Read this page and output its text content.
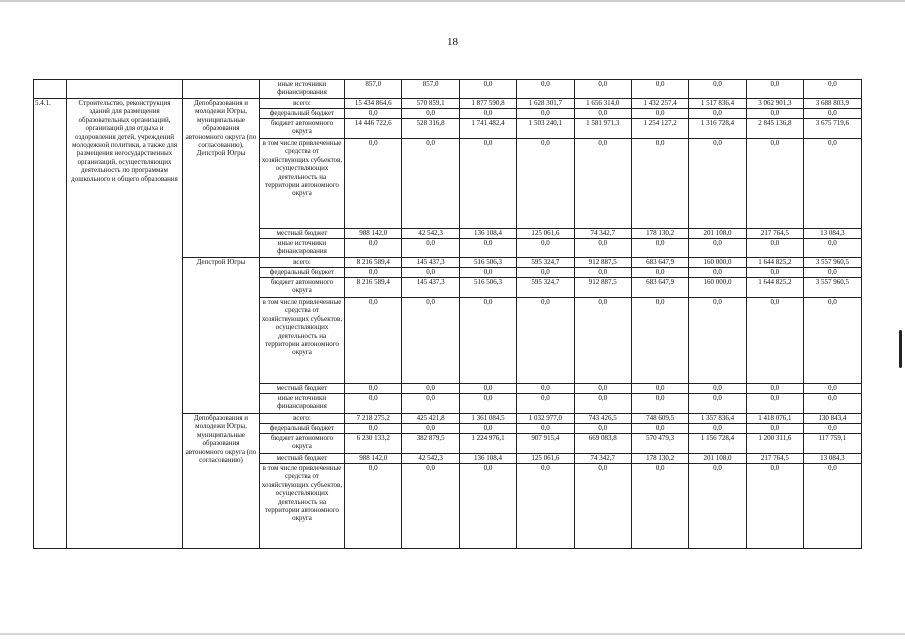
18
			иные источники финансирования	857,0	857,0	0,0	0,0	0,0	0,0	0,0	0,0	0,0
5.4.1.	Строительство, реконструкция зданий для размещения образовательных организаций, организаций для отдыха и оздоровления детей, учреждений молодежной политики, а также для размещения негосударственных организаций, осуществляющих деятельность по программам дошкольного и общего образования	Депобразования и молодежи Югры, муниципальные образования автономного округа (по согласованию), Депстрой Югры	всего:	15 434 864,6	570 859,1	1 877 590,8	1 628 301,7	1 656 314,0	1 432 257,4	1 517 836,4	3 062 901,3	3 688 803,9
			федеральный бюджет	0,0	0,0	0,0	0,0	0,0	0,0	0,0	0,0	0,0
			бюджет автономного округа	14 446 722,6	528 316,8	1 741 482,4	1 503 240,1	1 581 971,3	1 254 127,2	1 316 728,4	2 845 136,8	3 675 719,6
			в том числе привлеченные средства от хозяйствующих субъектов, осуществляющих деятельность на территории автономного округа	0,0	0,0	0,0	0,0	0,0	0,0	0,0	0,0	0,0
			местный бюджет	988 142,0	42 542,3	136 108,4	125 061,6	74 342,7	178 130,2	201 108,0	217 764,5	13 084,3
			иные источники финансирования	0,0	0,0	0,0	0,0	0,0	0,0	0,0	0,0	0,0
		Депстрой Югры	всего:	8 216 589,4	145 437,3	516 506,3	595 324,7	912 887,5	683 647,9	160 000,0	1 644 825,2	3 557 960,5
			федеральный бюджет	0,0	0,0	0,0	0,0	0,0	0,0	0,0	0,0	0,0
			бюджет автономного округа	8 216 589,4	145 437,3	516 506,3	595 324,7	912 887,5	683 647,9	160 000,0	1 644 825,2	3 557 960,5
			в том числе привлеченные средства от хозяйствующих субъектов, осуществляющих деятельность на территории автономного округа	0,0	0,0	0,0	0,0	0,0	0,0	0,0	0,0	0,0
			местный бюджет	0,0	0,0	0,0	0,0	0,0	0,0	0,0	0,0	0,0
			иные источники финансирования	0,0	0,0	0,0	0,0	0,0	0,0	0,0	0,0	0,0
		Депобразования и молодежи Югры, муниципальные образования автономного округа (по согласованию)	всего:	7 218 275,2	425 421,8	1 361 084,5	1 032 977,0	743 426,5	748 609,5	1 357 836,4	1 418 076,1	130 843,4
			федеральный бюджет	0,0	0,0	0,0	0,0	0,0	0,0	0,0	0,0	0,0
			бюджет автономного округа	6 230 133,2	382 879,5	1 224 976,1	907 915,4	669 083,8	570 479,3	1 156 728,4	1 200 311,6	117 759,1
			местный бюджет	988 142,0	42 542,3	136 108,4	125 061,6	74 342,7	178 130,2	201 108,0	217 764,5	13 084,3
			в том числе привлеченные средства от хозяйствующих субъектов, осуществляющих деятельность на территории автономного округа	0,0	0,0	0,0	0,0	0,0	0,0	0,0	0,0	0,0
